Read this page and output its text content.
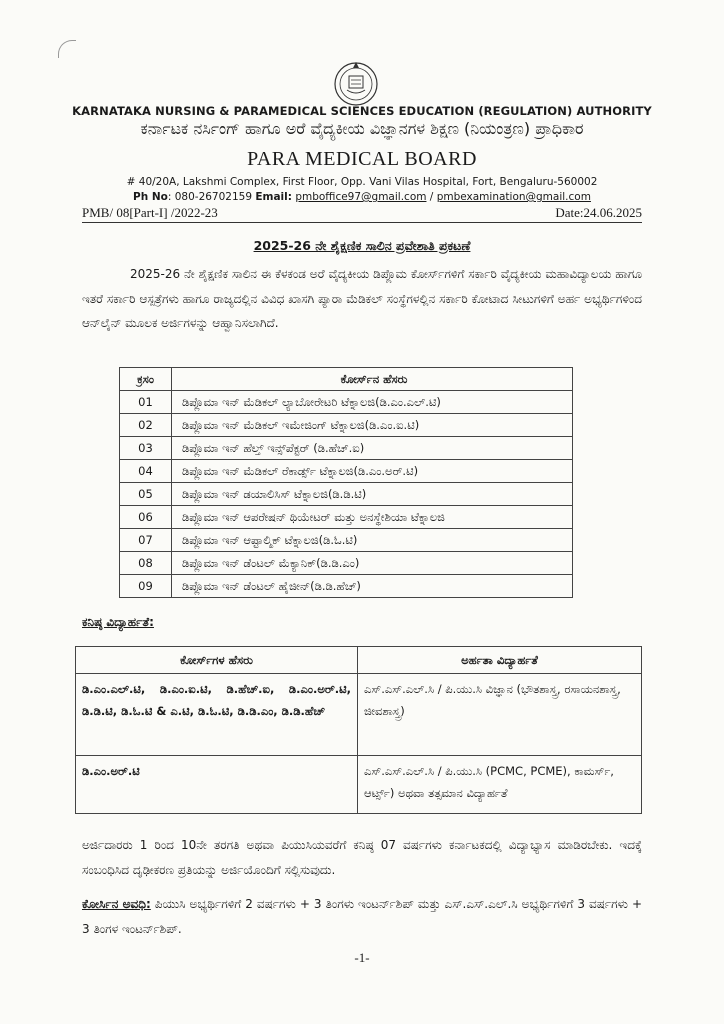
KARNATAKA NURSING & PARAMEDICAL SCIENCES EDUCATION (REGULATION) AUTHORITY
ಕರ್ನಾಟಕ ನರ್ಸಿಂಗ್ ಹಾಗೂ ಅರೆ ವೈದ್ಯಕೀಯ ವಿಜ್ಞಾನಗಳ ಶಿಕ್ಷಣ (ನಿಯಂತ್ರಣ) ಪ್ರಾಧಿಕಾರ
PARA MEDICAL BOARD
# 40/20A, Lakshmi Complex, First Floor, Opp. Vani Vilas Hospital, Fort, Bengaluru-560002
Ph No: 080-26702159 Email: pmboffice97@gmail.com / pmbexamination@gmail.com
PMB/ 08[Part-I] /2022-23	Date:24.06.2025
2025-26 ನೇ ಶೈಕ್ಷಣಿಕ ಸಾಲಿನ ಪ್ರವೇಶಾತಿ ಪ್ರಕಟಣೆ
2025-26 ನೇ ಶೈಕ್ಷಣಿಕ ಸಾಲಿನ ಈ ಕೆಳಕಂಡ ಅರೆ ವೈದ್ಯಕೀಯ ಡಿಪ್ಲೊಮ ಕೋರ್ಸ್‌ಗಳಿಗೆ ಸರ್ಕಾರಿ ವೈದ್ಯಕೀಯ ಮಹಾವಿದ್ಯಾಲಯ ಹಾಗೂ ಇತರೆ ಸರ್ಕಾರಿ ಆಸ್ಪತ್ರೆಗಳು ಹಾಗೂ ರಾಜ್ಯದಲ್ಲಿನ ವಿವಿಧ ಖಾಸಗಿ ಪ್ಯಾರಾ ಮೆಡಿಕಲ್ ಸಂಸ್ಥೆಗಳಲ್ಲಿನ ಸರ್ಕಾರಿ ಕೋಟಾದ ಸೀಟುಗಳಿಗೆ ಅರ್ಹ ಅಭ್ಯರ್ಥಿಗಳಿಂದ ಆನ್‌ಲೈನ್ ಮೂಲಕ ಅರ್ಜಿಗಳನ್ನು ಆಹ್ವಾನಿಸಲಾಗಿದೆ.
ಕ್ರಸಂ	ಕೋರ್ಸ್‌ನ ಹೆಸರು
01	ಡಿಪ್ಲೊಮಾ ಇನ್ ಮೆಡಿಕಲ್ ಲ್ಯಾಬೋರೇಟರಿ ಟೆಕ್ನಾಲಜಿ(ಡಿ.ಎಂ.ಎಲ್.ಟಿ)
02	ಡಿಪ್ಲೊಮಾ ಇನ್ ಮೆಡಿಕಲ್ ಇಮೇಜಿಂಗ್ ಟೆಕ್ನಾಲಜಿ(ಡಿ.ಎಂ.ಐ.ಟಿ)
03	ಡಿಪ್ಲೊಮಾ ಇನ್ ಹೆಲ್ತ್ ಇನ್ಸ್‌ಪೆಕ್ಟರ್ (ಡಿ.ಹೆಚ್.ಐ)
04	ಡಿಪ್ಲೊಮಾ ಇನ್ ಮೆಡಿಕಲ್ ರೆಕಾರ್ಡ್ಸ್ ಟೆಕ್ನಾಲಜಿ(ಡಿ.ಎಂ.ಅರ್.ಟಿ)
05	ಡಿಪ್ಲೊಮಾ ಇನ್ ಡಯಾಲಿಸಿಸ್ ಟೆಕ್ನಾಲಜಿ(ಡಿ.ಡಿ.ಟಿ)
06	ಡಿಪ್ಲೊಮಾ ಇನ್ ಆಪರೇಷನ್ ಥಿಯೇಟರ್ ಮತ್ತು ಅನಸ್ಥೇಶಿಯಾ ಟೆಕ್ನಾಲಜಿ
07	ಡಿಪ್ಲೊಮಾ ಇನ್ ಆಪ್ಟಾಲ್ಮಿಕ್ ಟೆಕ್ನಾಲಜಿ(ಡಿ.ಓ.ಟಿ)
08	ಡಿಪ್ಲೊಮಾ ಇನ್ ಡೆಂಟಲ್ ಮೆಕ್ಯಾನಿಕ್(ಡಿ.ಡಿ.ಎಂ)
09	ಡಿಪ್ಲೊಮಾ ಇನ್ ಡೆಂಟಲ್ ಹೈಜೀನ್(ಡಿ.ಡಿ.ಹೆಚ್)
ಕನಿಷ್ಠ ವಿದ್ಯಾರ್ಹತೆ:
ಕೋರ್ಸ್‌ಗಳ ಹೆಸರು	ಅರ್ಹತಾ ವಿದ್ಯಾರ್ಹತೆ
ಡಿ.ಎಂ.ಎಲ್.ಟಿ, ಡಿ.ಎಂ.ಐ.ಟಿ, ಡಿ.ಹೆಚ್.ಐ, ಡಿ.ಎಂ.ಅರ್.ಟಿ, ಡಿ.ಡಿ.ಟಿ, ಡಿ.ಓ.ಟಿ & ಎ.ಟಿ, ಡಿ.ಓ.ಟಿ, ಡಿ.ಡಿ.ಎಂ, ಡಿ.ಡಿ.ಹೆಚ್	ಎಸ್.ಎಸ್.ಎಲ್.ಸಿ / ಪಿ.ಯು.ಸಿ ವಿಜ್ಞಾನ (ಭೌತಶಾಸ್ತ್ರ, ರಸಾಯನಶಾಸ್ತ್ರ, ಜೀವಶಾಸ್ತ್ರ)
ಡಿ.ಎಂ.ಅರ್.ಟಿ	ಎಸ್.ಎಸ್.ಎಲ್.ಸಿ / ಪಿ.ಯು.ಸಿ (PCMC, PCME), ಕಾಮರ್ಸ್, ಆರ್ಟ್ಸ್) ಅಥವಾ ತತ್ಸಮಾನ ವಿದ್ಯಾರ್ಹತೆ
ಅರ್ಜಿದಾರರು 1 ರಿಂದ 10ನೇ ತರಗತಿ ಅಥವಾ ಪಿಯುಸಿಯವರೆಗೆ ಕನಿಷ್ಠ 07 ವರ್ಷಗಳು ಕರ್ನಾಟಕದಲ್ಲಿ ವಿದ್ಯಾಭ್ಯಾಸ ಮಾಡಿರಬೇಕು. ಇದಕ್ಕೆ ಸಂಬಂಧಿಸಿದ ದೃಢೀಕರಣ ಪ್ರತಿಯನ್ನು ಅರ್ಜಿಯೊಂದಿಗೆ ಸಲ್ಲಿಸುವುದು.
ಕೋರ್ಸಿನ ಅವಧಿ: ಪಿಯುಸಿ ಅಭ್ಯರ್ಥಿಗಳಿಗೆ 2 ವರ್ಷಗಳು + 3 ತಿಂಗಳು ಇಂಟರ್ನ್‌ಶಿಪ್ ಮತ್ತು ಎಸ್.ಎಸ್.ಎಲ್.ಸಿ ಅಭ್ಯರ್ಥಿಗಳಿಗೆ 3 ವರ್ಷಗಳು + 3 ತಿಂಗಳ ಇಂಟರ್ನ್‌ಶಿಪ್.
-1-
